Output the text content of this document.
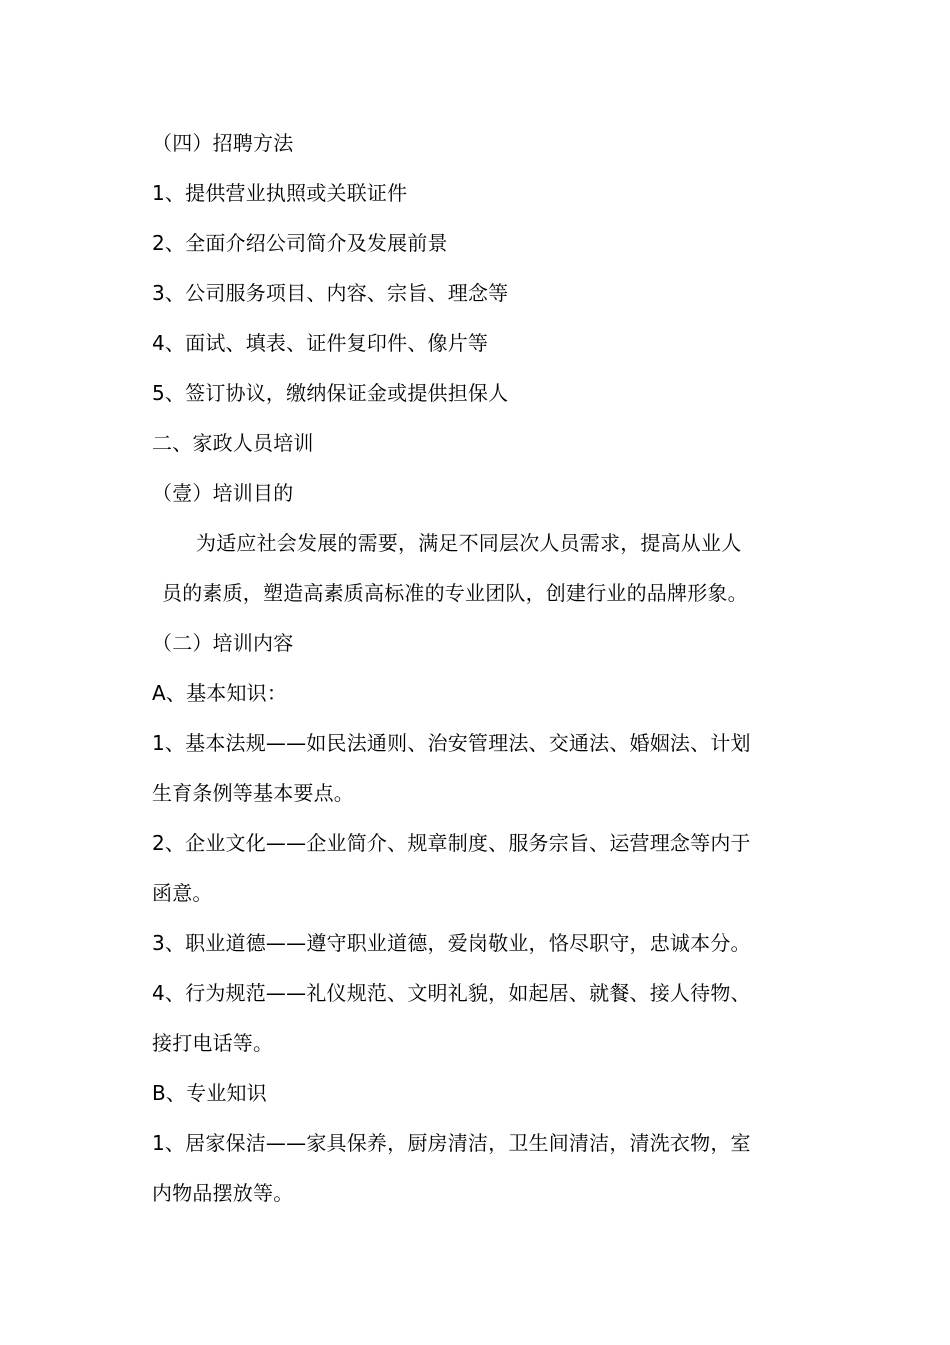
（四）招聘方法
1、提供营业执照或关联证件
2、全面介绍公司简介及发展前景
3、公司服务项目、内容、宗旨、理念等
4、面试、填表、证件复印件、像片等
5、签订协议，缴纳保证金或提供担保人
二、家政人员培训
（壹）培训目的
为适应社会发展的需要，满足不同层次人员需求，提高从业人
员的素质，塑造高素质高标准的专业团队，创建行业的品牌形象。
（二）培训内容
A、基本知识：
1、基本法规——如民法通则、治安管理法、交通法、婚姻法、计划
生育条例等基本要点。
2、企业文化——企业简介、规章制度、服务宗旨、运营理念等内于
函意。
3、职业道德——遵守职业道德，爱岗敬业，恪尽职守，忠诚本分。
4、行为规范——礼仪规范、文明礼貌，如起居、就餐、接人待物、
接打电话等。
B、专业知识
1、居家保洁——家具保养，厨房清洁，卫生间清洁，清洗衣物，室
内物品摆放等。
